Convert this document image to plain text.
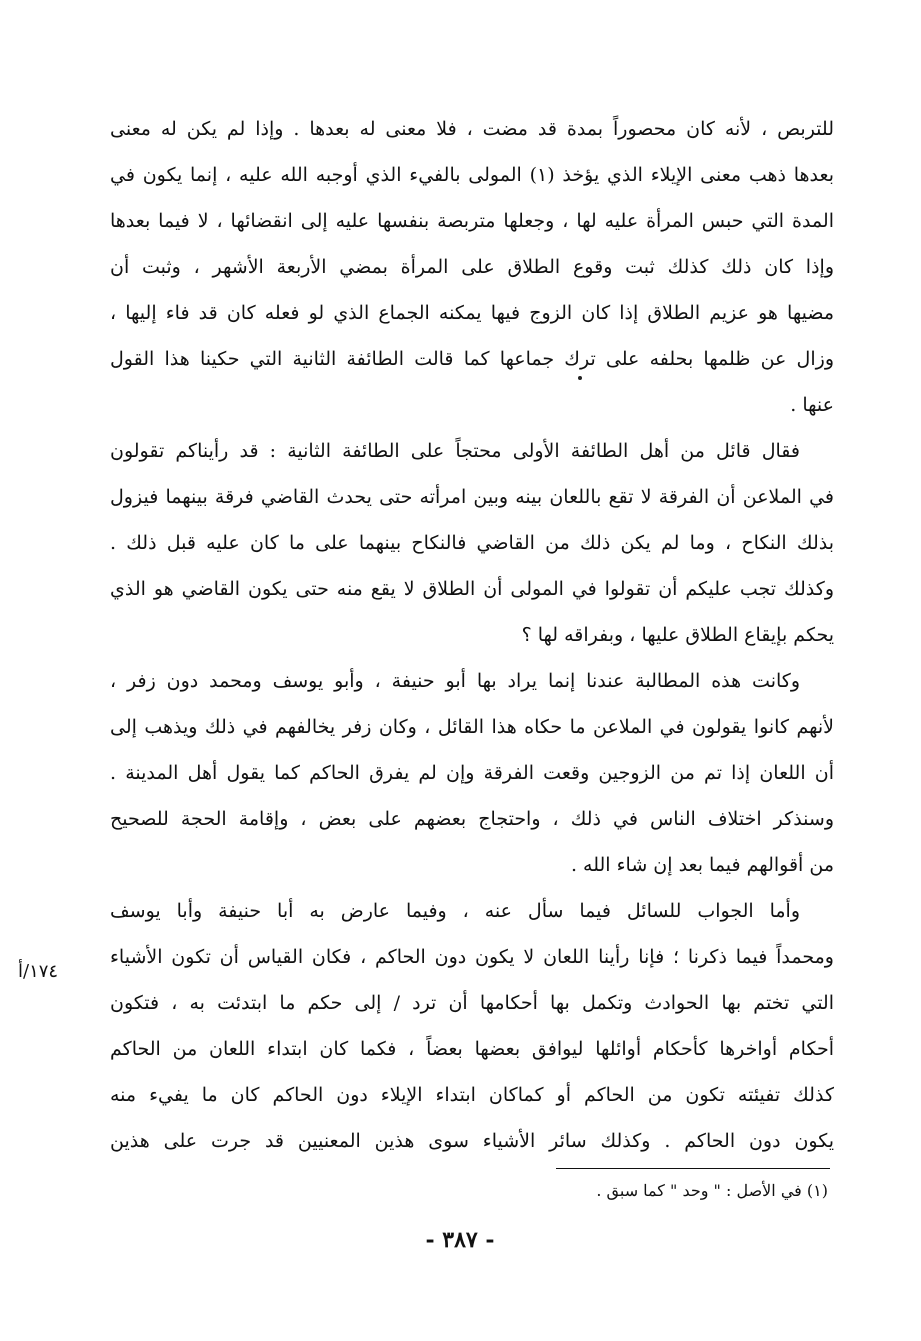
للتربص ، لأنه كان محصوراً بمدة قد مضت ، فلا معنى له بعدها . وإذا لم يكن له معنى
بعدها ذهب معنى الإيلاء الذي يؤخذ (١) المولى بالفيء الذي أوجبه الله عليه ، إنما يكون في
المدة التي حبس المرأة عليه لها ، وجعلها متربصة بنفسها عليه إلى انقضائها ، لا فيما بعدها
وإذا كان ذلك كذلك ثبت وقوع الطلاق على المرأة بمضي الأربعة الأشهر ، وثبت أن
مضيها هو عزيم الطلاق إذا كان الزوج فيها يمكنه الجماع الذي لو فعله كان قد فاء إليها ،
وزال عن ظلمها بحلفه على ترك جماعها كما قالت الطائفة الثانية التي حكينا هذا القول
عنها .
فقال قائل من أهل الطائفة الأولى محتجاً على الطائفة الثانية : قد رأيناكم تقولون
في الملاعن أن الفرقة لا تقع باللعان بينه وبين امرأته حتى يحدث القاضي فرقة بينهما فيزول
بذلك النكاح ، وما لم يكن ذلك من القاضي فالنكاح بينهما على ما كان عليه قبل ذلك .
وكذلك تجب عليكم أن تقولوا في المولى أن الطلاق لا يقع منه حتى يكون القاضي هو الذي
يحكم بإيقاع الطلاق عليها ، وبفراقه لها ؟
وكانت هذه المطالبة عندنا إنما يراد بها أبو حنيفة ، وأبو يوسف ومحمد دون زفر ،
لأنهم كانوا يقولون في الملاعن ما حكاه هذا القائل ، وكان زفر يخالفهم في ذلك ويذهب إلى
أن اللعان إذا تم من الزوجين وقعت الفرقة وإن لم يفرق الحاكم كما يقول أهل المدينة .
وسنذكر اختلاف الناس في ذلك ، واحتجاج بعضهم على بعض ، وإقامة الحجة للصحيح
من أقوالهم فيما بعد إن شاء الله .
وأما الجواب للسائل فيما سأل عنه ، وفيما عارض به أبا حنيفة وأبا يوسف
ومحمداً فيما ذكرنا ؛ فإنا رأينا اللعان لا يكون دون الحاكم ، فكان القياس أن تكون الأشياء
التي تختم بها الحوادث وتكمل بها أحكامها أن ترد / إلى حكم ما ابتدئت به ، فتكون
أحكام أواخرها كأحكام أوائلها ليوافق بعضها بعضاً ، فكما كان ابتداء اللعان من الحاكم
كذلك تفيئته تكون من الحاكم أو كماكان ابتداء الإيلاء دون الحاكم كان ما يفيء منه
يكون دون الحاكم . وكذلك سائر الأشياء سوى هذين المعنيين قد جرت على هذين
١٧٤/أ
(١) في الأصل : " وحد " كما سبق .
- ٣٨٧ -
